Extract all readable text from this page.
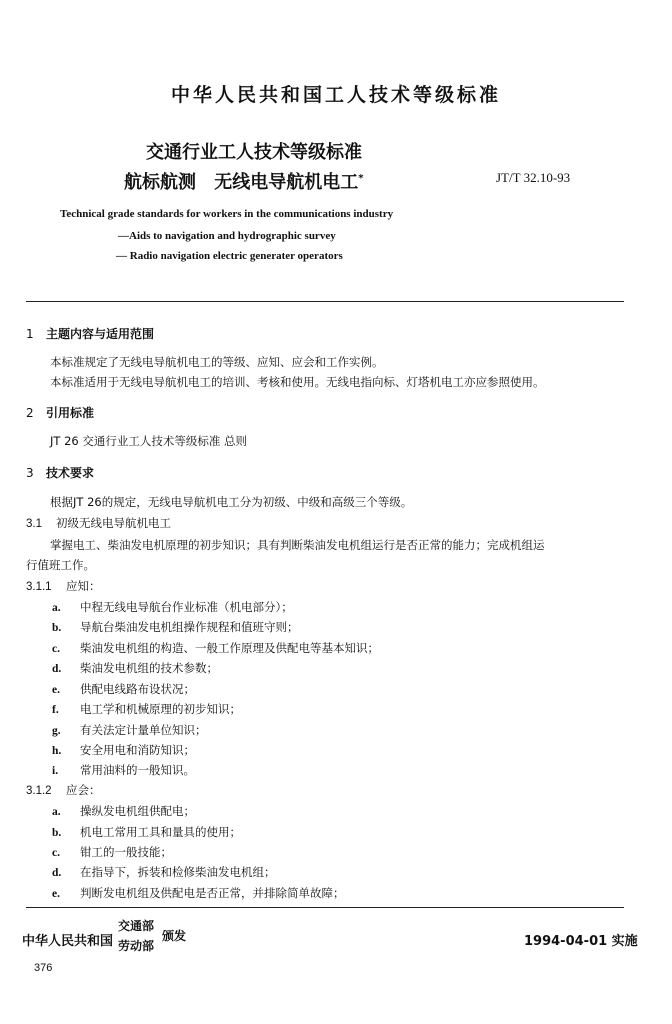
中华人民共和国工人技术等级标准
交通行业工人技术等级标准
航标航测 无线电导航机电工*	JT/T 32.10-93
Technical grade standards for workers in the communications industry
—Aids to navigation and hydrographic survey
— Radio navigation electric generater operators
1 主题内容与适用范围
本标准规定了无线电导航机电工的等级、应知、应会和工作实例。
本标准适用于无线电导航机电工的培训、考核和使用。无线电指向标、灯塔机电工亦应参照使用。
2 引用标准
JT 26 交通行业工人技术等级标准 总则
3 技术要求
根据JT 26的规定，无线电导航机电工分为初级、中级和高级三个等级。
3.1 初级无线电导航机电工
掌握电工、柴油发电机原理的初步知识；具有判断柴油发电机组运行是否正常的能力；完成机组运
行值班工作。
3.1.1 应知：
a. 中程无线电导航台作业标准（机电部分）；
b. 导航台柴油发电机组操作规程和值班守则；
c. 柴油发电机组的构造、一般工作原理及供配电等基本知识；
d. 柴油发电机组的技术参数；
e. 供配电线路布设状况；
f. 电工学和机械原理的初步知识；
g. 有关法定计量单位知识；
h. 安全用电和消防知识；
i. 常用油料的一般知识。
3.1.2 应会：
a. 操纵发电机组供配电；
b. 机电工常用工具和量具的使用；
c. 钳工的一般技能；
d. 在指导下，拆装和检修柴油发电机组；
e. 判断发电机组及供配电是否正常，并排除简单故障；
中华人民共和国
交通部
劳动部
颁发	1994-04-01 实施
376
